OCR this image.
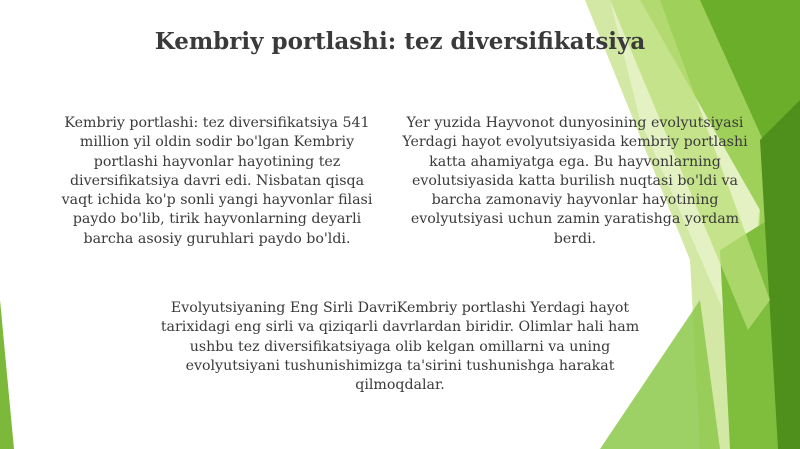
Kembriy portlashi: tez diversifikatsiya

Kembriy portlashi: tez diversifikatsiya 541 million yil oldin sodir bo'lgan Kembriy portlashi hayvonlar hayotining tez diversifikatsiya davri edi. Nisbatan qisqa vaqt ichida ko'p sonli yangi hayvonlar filasi paydo bo'lib, tirik hayvonlarning deyarli barcha asosiy guruhlari paydo bo'ldi.

Yer yuzida Hayvonot dunyosining evolyutsiyasi Yerdagi hayot evolyutsiyasida kembriy portlashi katta ahamiyatga ega. Bu hayvonlarning evolutsiyasida katta burilish nuqtasi bo'ldi va barcha zamonaviy hayvonlar hayotining evolyutsiyasi uchun zamin yaratishga yordam berdi.

Evolyutsiyaning Eng Sirli DavriKembriy portlashi Yerdagi hayot tarixidagi eng sirli va qiziqarli davrlardan biridir. Olimlar hali ham ushbu tez diversifikatsiyaga olib kelgan omillarni va uning evolyutsiyani tushunishimizga ta'sirini tushunishga harakat qilmoqdalar.
